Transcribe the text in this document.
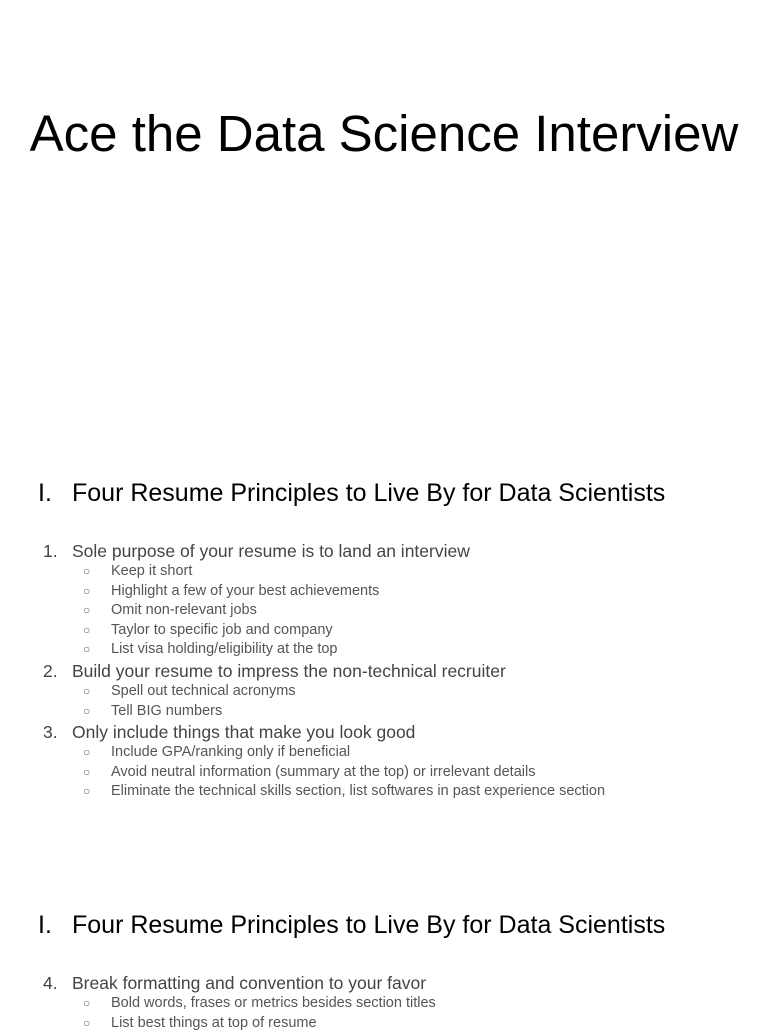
Ace the Data Science Interview
I. Four Resume Principles to Live By for Data Scientists
1. Sole purpose of your resume is to land an interview
○ Keep it short
○ Highlight a few of your best achievements
○ Omit non-relevant jobs
○ Taylor to specific job and company
○ List visa holding/eligibility at the top
2. Build your resume to impress the non-technical recruiter
○ Spell out technical acronyms
○ Tell BIG numbers
3. Only include things that make you look good
○ Include GPA/ranking only if beneficial
○ Avoid neutral information (summary at the top) or irrelevant details
○ Eliminate the technical skills section, list softwares in past experience section
I. Four Resume Principles to Live By for Data Scientists
4. Break formatting and convention to your favor
○ Bold words, frases or metrics besides section titles
○ List best things at top of resume
